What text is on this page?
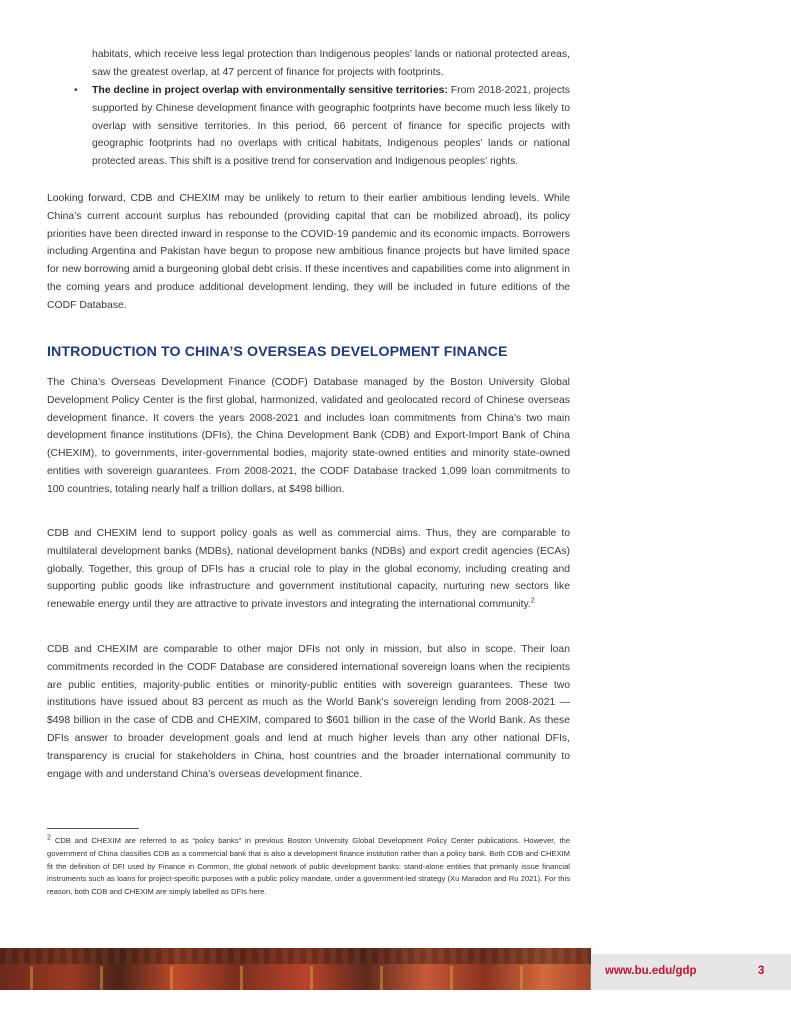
habitats, which receive less legal protection than Indigenous peoples’ lands or national protected areas, saw the greatest overlap, at 47 percent of finance for projects with footprints.

• The decline in project overlap with environmentally sensitive territories: From 2018-2021, projects supported by Chinese development finance with geographic footprints have become much less likely to overlap with sensitive territories. In this period, 66 percent of finance for specific projects with geographic footprints had no overlaps with critical habitats, Indigenous peoples’ lands or national protected areas. This shift is a positive trend for conservation and Indigenous peoples’ rights.

Looking forward, CDB and CHEXIM may be unlikely to return to their earlier ambitious lending levels. While China’s current account surplus has rebounded (providing capital that can be mobilized abroad), its policy priorities have been directed inward in response to the COVID-19 pandemic and its economic impacts. Borrowers including Argentina and Pakistan have begun to propose new ambitious finance projects but have limited space for new borrowing amid a burgeoning global debt crisis. If these incentives and capabilities come into alignment in the coming years and produce additional development lending, they will be included in future editions of the CODF Database.

INTRODUCTION TO CHINA’S OVERSEAS DEVELOPMENT FINANCE

The China’s Overseas Development Finance (CODF) Database managed by the Boston University Global Development Policy Center is the first global, harmonized, validated and geolocated record of Chinese overseas development finance. It covers the years 2008-2021 and includes loan commitments from China’s two main development finance institutions (DFIs), the China Development Bank (CDB) and Export-Import Bank of China (CHEXIM), to governments, inter-governmental bodies, majority state-owned entities and minority state-owned entities with sovereign guarantees. From 2008-2021, the CODF Database tracked 1,099 loan commitments to 100 countries, totaling nearly half a trillion dollars, at $498 billion.

CDB and CHEXIM lend to support policy goals as well as commercial aims. Thus, they are comparable to multilateral development banks (MDBs), national development banks (NDBs) and export credit agencies (ECAs) globally. Together, this group of DFIs has a crucial role to play in the global economy, including creating and supporting public goods like infrastructure and government institutional capacity, nurturing new sectors like renewable energy until they are attractive to private investors and integrating the international community.$^2$

CDB and CHEXIM are comparable to other major DFIs not only in mission, but also in scope. Their loan commitments recorded in the CODF Database are considered international sovereign loans when the recipients are public entities, majority-public entities or minority-public entities with sovereign guarantees. These two institutions have issued about 83 percent as much as the World Bank’s sovereign lending from 2008-2021 — $498 billion in the case of CDB and CHEXIM, compared to $601 billion in the case of the World Bank. As these DFIs answer to broader development goals and lend at much higher levels than any other national DFIs, transparency is crucial for stakeholders in China, host countries and the broader international community to engage with and understand China’s overseas development finance.

$^2$ CDB and CHEXIM are referred to as “policy banks” in previous Boston University Global Development Policy Center publications. However, the government of China classifies CDB as a commercial bank that is also a development finance institution rather than a policy bank. Both CDB and CHEXIM fit the definition of DFI used by Finance in Common, the global network of public development banks: stand-alone entities that primarily issue financial instruments such as loans for project-specific purposes with a public policy mandate, under a government-led strategy (Xu Maradon and Ru 2021). For this reason, both CDB and CHEXIM are simply labelled as DFIs here.

www.bu.edu/gdp	3
